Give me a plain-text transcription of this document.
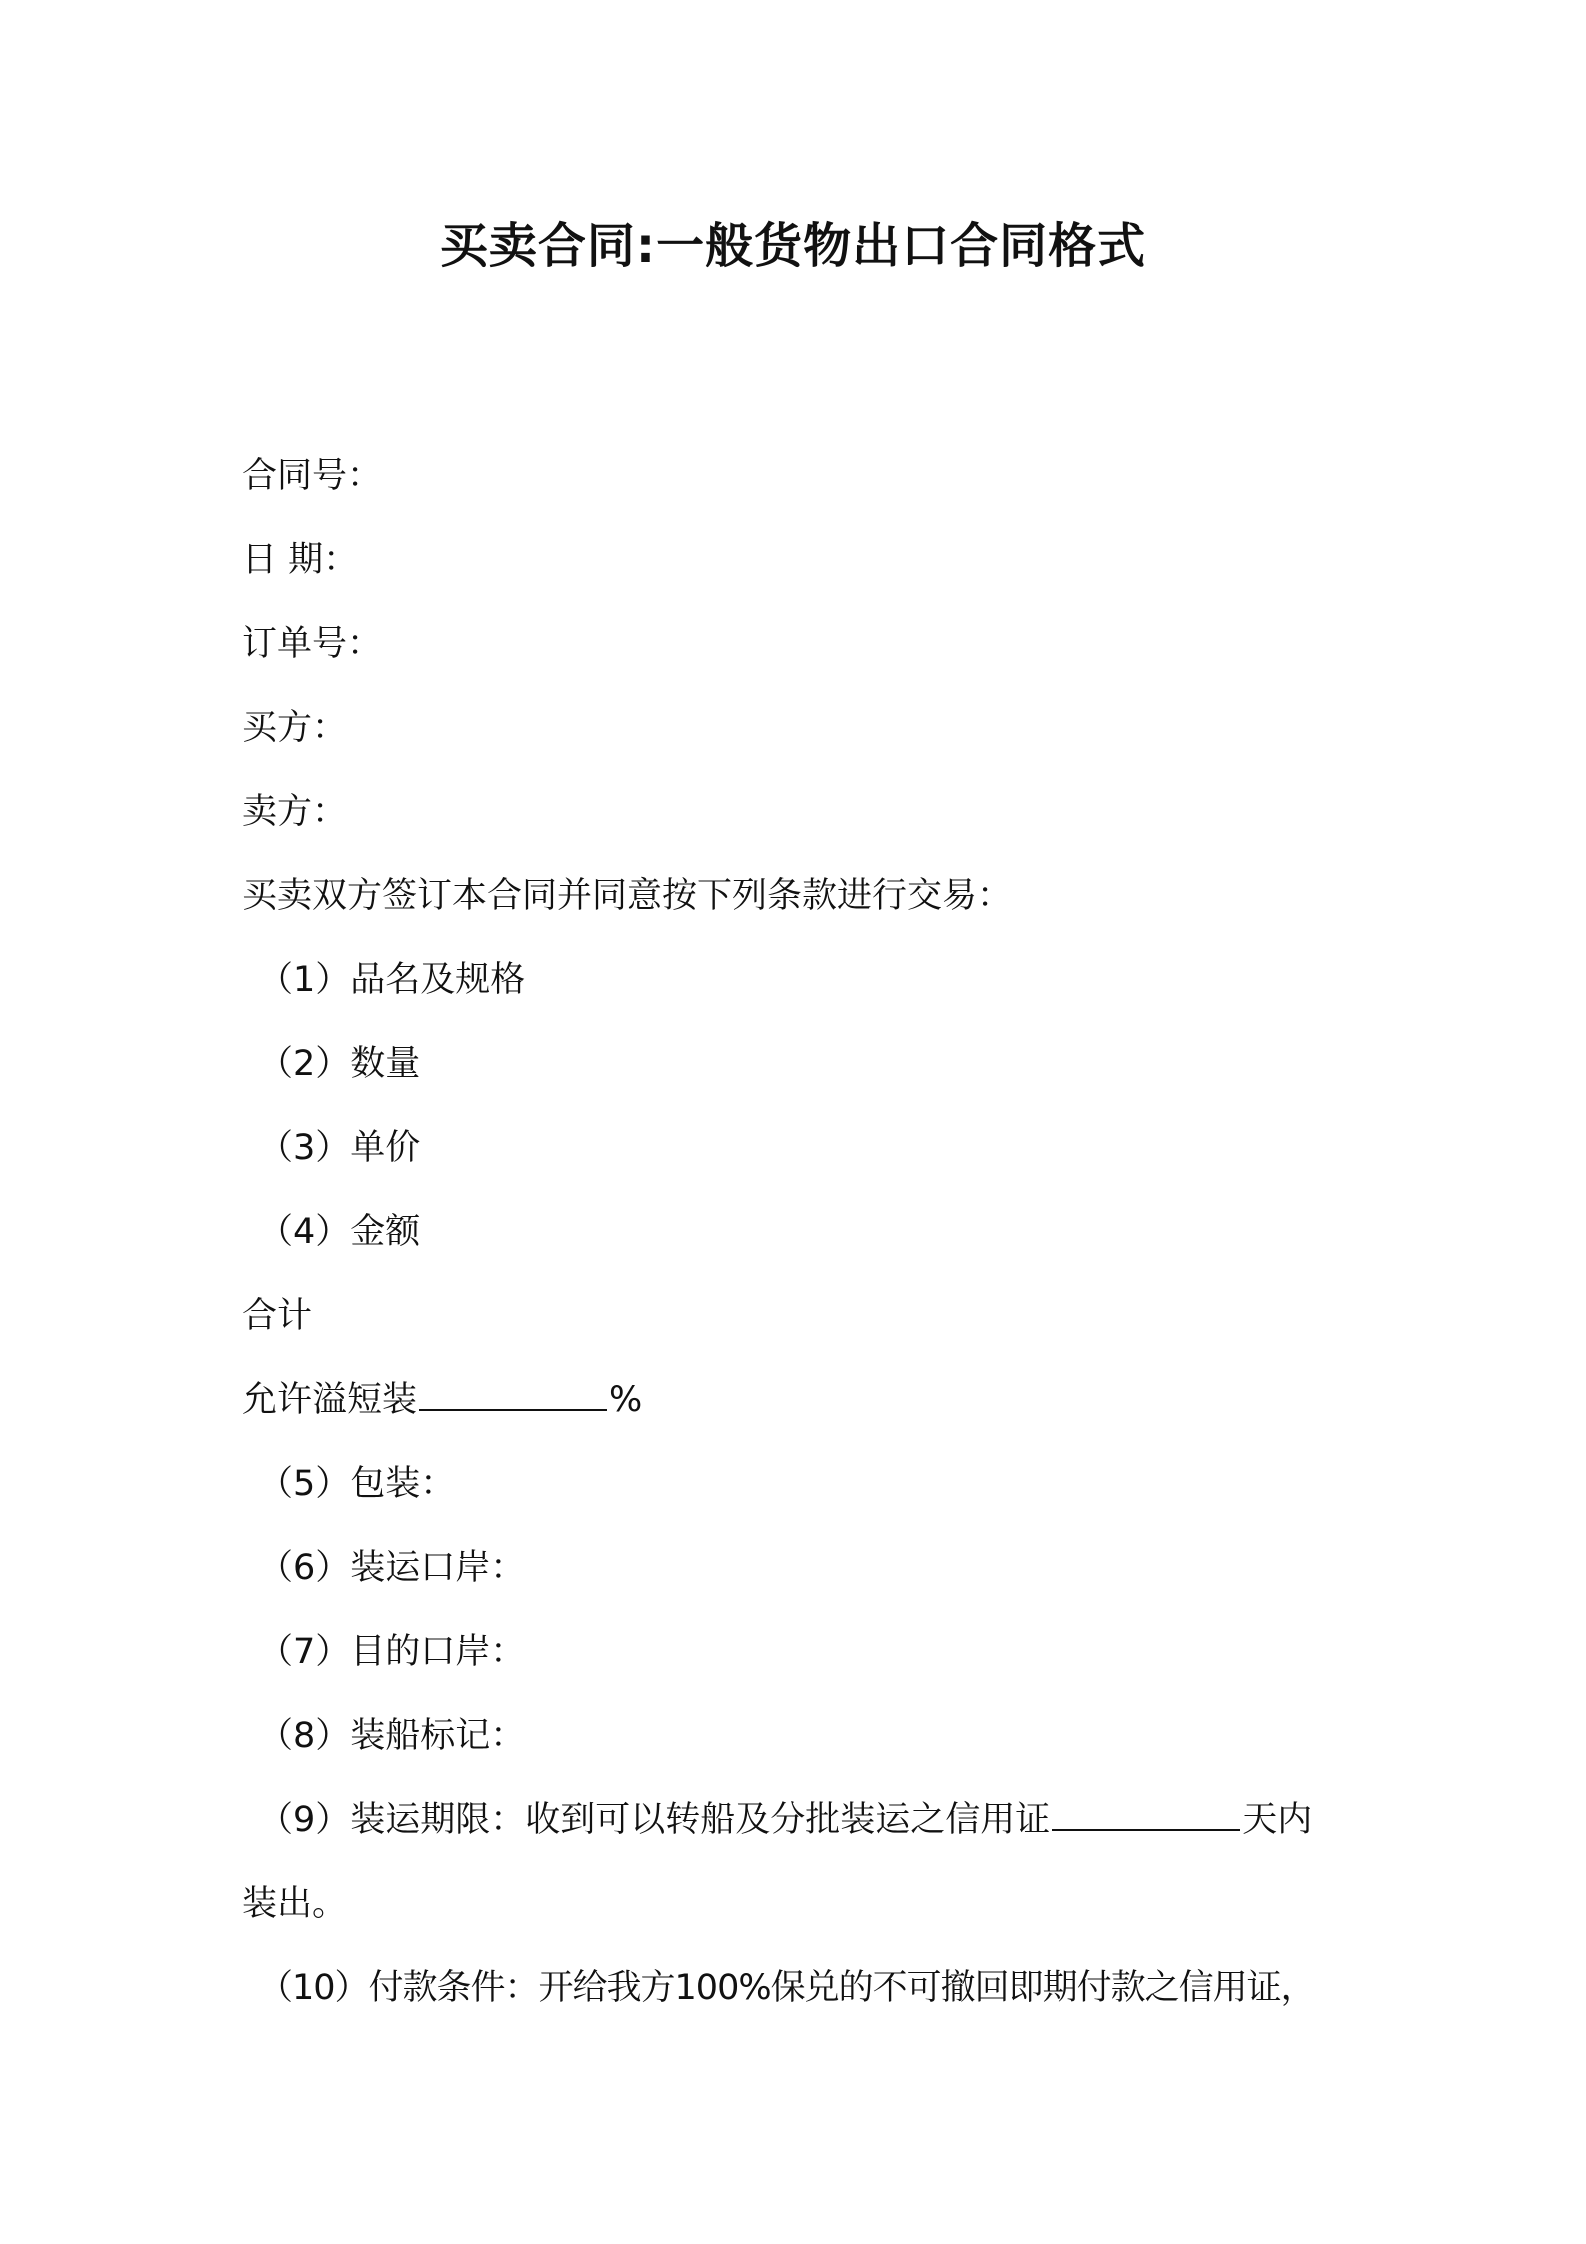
买卖合同:一般货物出口合同格式

合同号：

日 期：

订单号：

买方：

卖方：

买卖双方签订本合同并同意按下列条款进行交易：

（1）品名及规格

（2）数量

（3）单价

（4）金额

合计

允许溢短装	%

（5）包装：

（6）装运口岸：

（7）目的口岸：

（8）装船标记：

（9）装运期限：收到可以转船及分批装运之信用证	天内

装出。

（10）付款条件：开给我方100%保兑的不可撤回即期付款之信用证，
